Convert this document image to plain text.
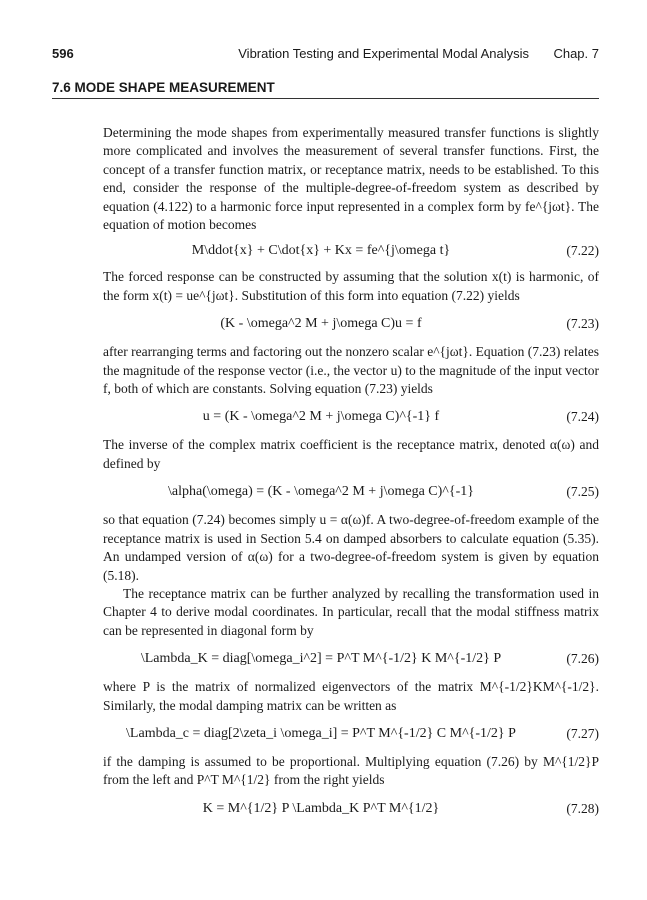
596	Vibration Testing and Experimental Modal Analysis Chap. 7
7.6 MODE SHAPE MEASUREMENT

Determining the mode shapes from experimentally measured transfer functions is slightly more complicated and involves the measurement of several transfer functions. First, the concept of a transfer function matrix, or receptance matrix, needs to be established. To this end, consider the response of the multiple-degree-of-freedom system as described by equation (4.122) to a harmonic force input represented in a complex form by fe^{jωt}. The equation of motion becomes

M\ddot{x} + C\dot{x} + Kx = fe^{j\omega t}	(7.22)

The forced response can be constructed by assuming that the solution x(t) is harmonic, of the form x(t) = ue^{jωt}. Substitution of this form into equation (7.22) yields

(K - \omega^2 M + j\omega C)u = f	(7.23)

after rearranging terms and factoring out the nonzero scalar e^{jωt}. Equation (7.23) relates the magnitude of the response vector (i.e., the vector u) to the magnitude of the input vector f, both of which are constants. Solving equation (7.23) yields

u = (K - \omega^2 M + j\omega C)^{-1} f	(7.24)

The inverse of the complex matrix coefficient is the receptance matrix, denoted α(ω) and defined by

\alpha(\omega) = (K - \omega^2 M + j\omega C)^{-1}	(7.25)

so that equation (7.24) becomes simply u = α(ω)f. A two-degree-of-freedom example of the receptance matrix is used in Section 5.4 on damped absorbers to calculate equation (5.35). An undamped version of α(ω) for a two-degree-of-freedom system is given by equation (5.18).

The receptance matrix can be further analyzed by recalling the transformation used in Chapter 4 to derive modal coordinates. In particular, recall that the modal stiffness matrix can be represented in diagonal form by

\Lambda_K = diag[\omega_i^2] = P^T M^{-1/2} K M^{-1/2} P	(7.26)

where P is the matrix of normalized eigenvectors of the matrix M^{-1/2}KM^{-1/2}. Similarly, the modal damping matrix can be written as

\Lambda_c = diag[2\zeta_i \omega_i] = P^T M^{-1/2} C M^{-1/2} P	(7.27)

if the damping is assumed to be proportional. Multiplying equation (7.26) by M^{1/2}P from the left and P^T M^{1/2} from the right yields

K = M^{1/2} P \Lambda_K P^T M^{1/2}	(7.28)
